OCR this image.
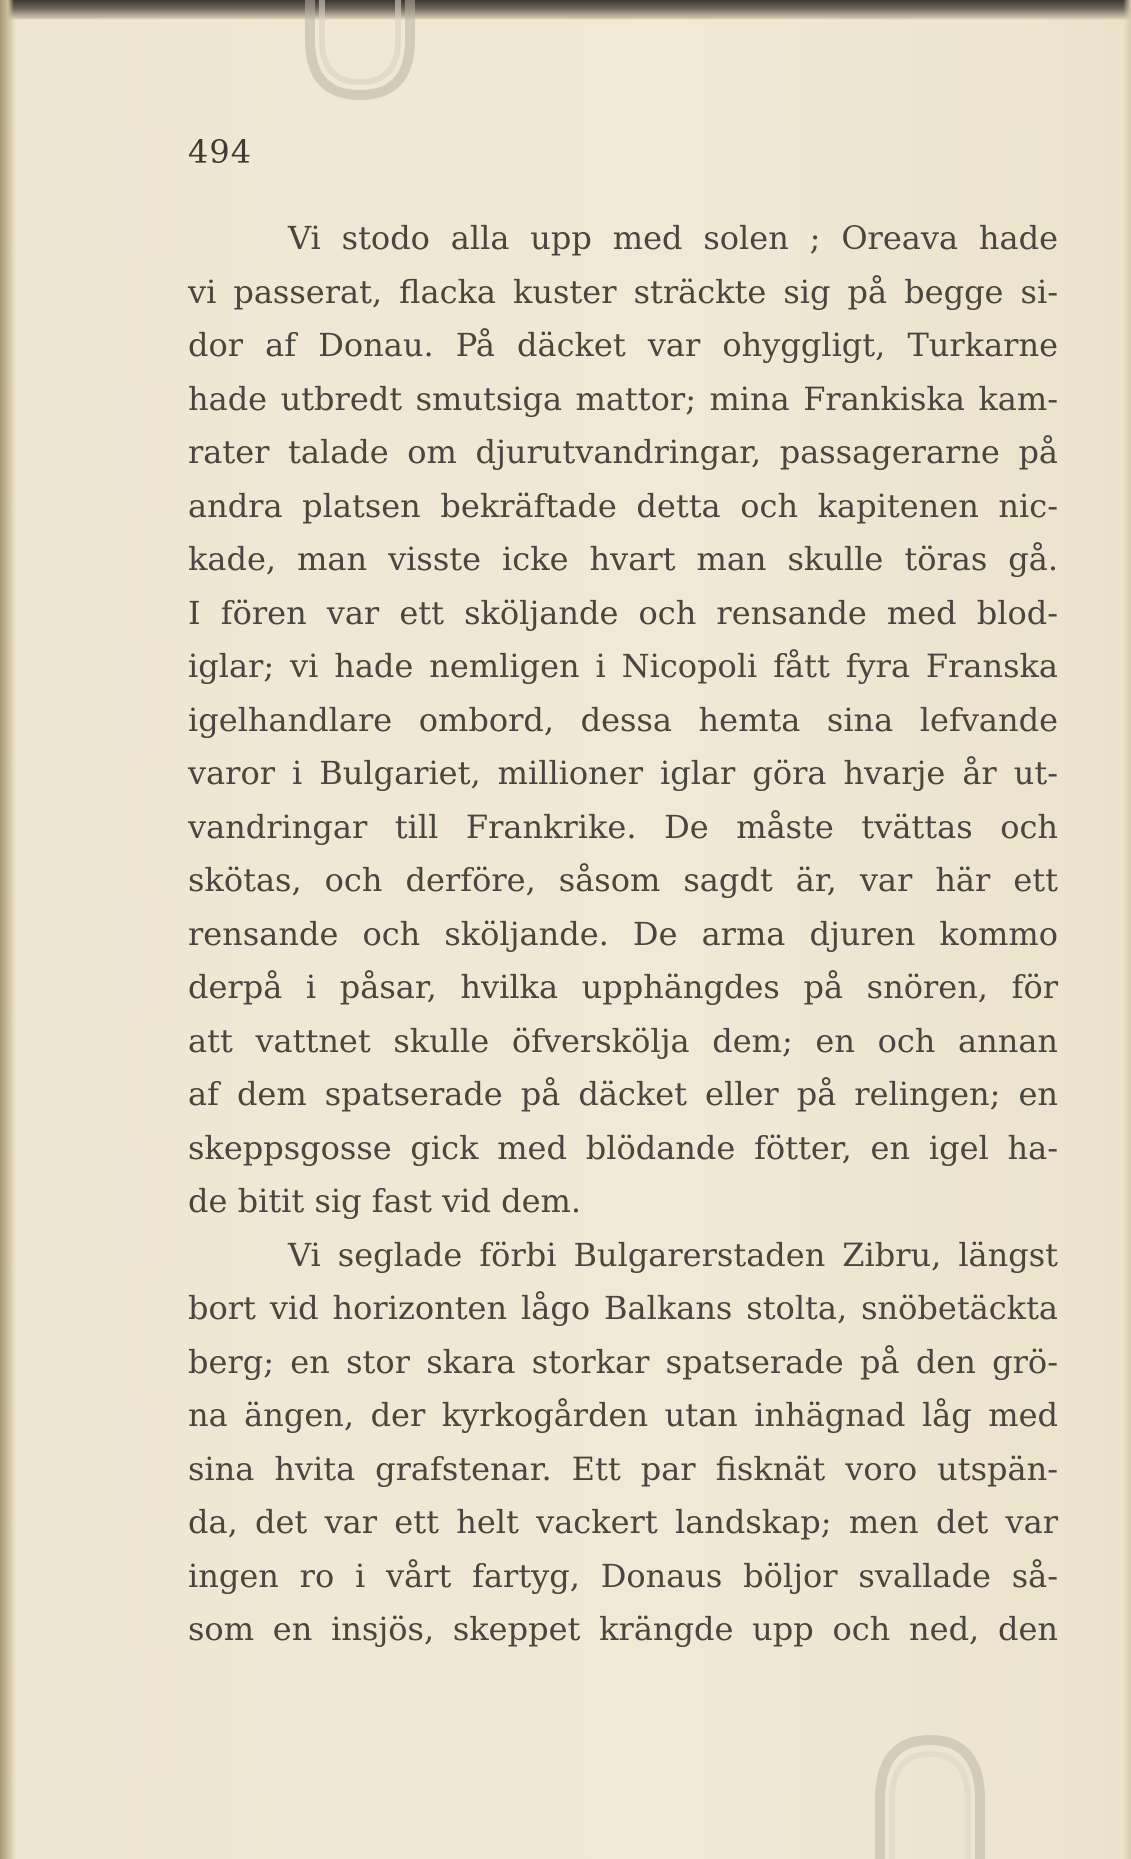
494
Vi stodo alla upp med solen ; Oreava hade
vi passerat, flacka kuster sträckte sig på begge si-
dor af Donau. På däcket var ohyggligt, Turkarne
hade utbredt smutsiga mattor; mina Frankiska kam-
rater talade om djurutvandringar, passagerarne på
andra platsen bekräftade detta och kapitenen nic-
kade, man visste icke hvart man skulle töras gå.
I fören var ett sköljande och rensande med blod-
iglar; vi hade nemligen i Nicopoli fått fyra Franska
igelhandlare ombord, dessa hemta sina lefvande
varor i Bulgariet, millioner iglar göra hvarje år ut-
vandringar till Frankrike. De måste tvättas och
skötas, och derföre, såsom sagdt är, var här ett
rensande och sköljande. De arma djuren kommo
derpå i påsar, hvilka upphängdes på snören, för
att vattnet skulle öfverskölja dem; en och annan
af dem spatserade på däcket eller på relingen; en
skeppsgosse gick med blödande fötter, en igel ha-
de bitit sig fast vid dem.
Vi seglade förbi Bulgarerstaden Zibru, längst
bort vid horizonten lågo Balkans stolta, snöbetäckta
berg; en stor skara storkar spatserade på den grö-
na ängen, der kyrkogården utan inhägnad låg med
sina hvita grafstenar. Ett par fisknät voro utspän-
da, det var ett helt vackert landskap; men det var
ingen ro i vårt fartyg, Donaus böljor svallade så-
som en insjös, skeppet krängde upp och ned, den
